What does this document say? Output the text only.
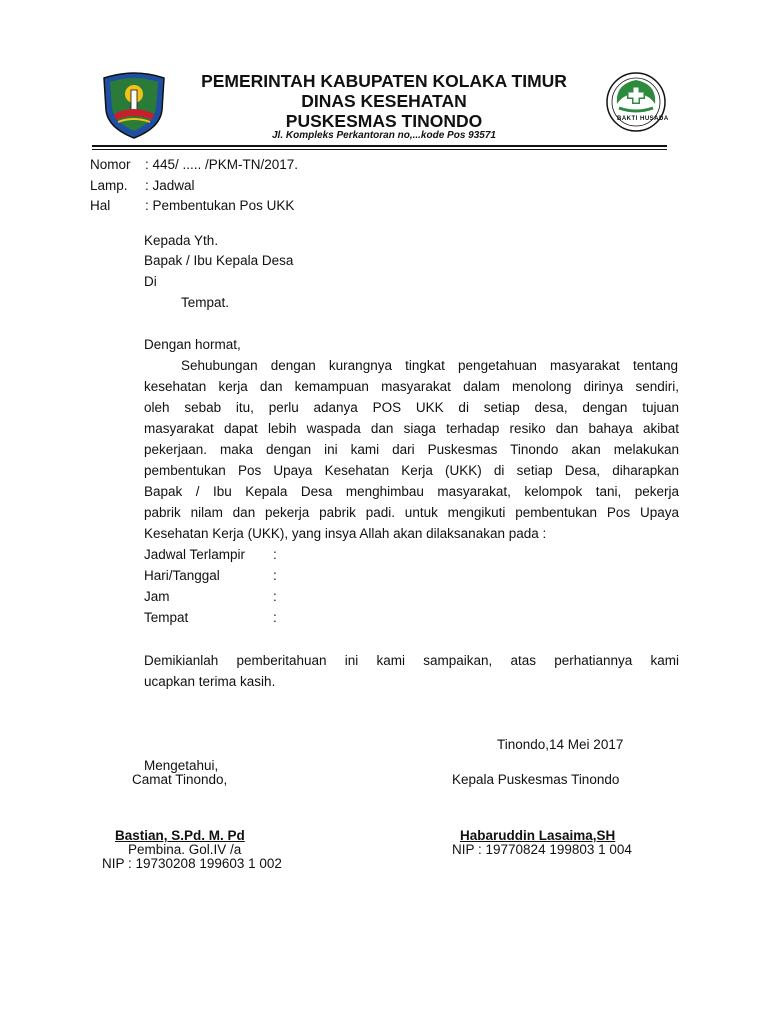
BAKTI HUSADA
PEMERINTAH KABUPATEN KOLAKA TIMUR
DINAS KESEHATAN
PUSKESMAS TINONDO
Jl. Kompleks Perkantoran no,...kode Pos 93571
Nomor : 445/ ..... /PKM-TN/2017.
Lamp. : Jadwal
Hal	: Pembentukan Pos UKK
Kepada Yth.
Bapak / Ibu Kepala Desa
Di
Tempat.
Dengan hormat,
Sehubungan dengan kurangnya tingkat pengetahuan masyarakat tentang
kesehatan kerja dan kemampuan masyarakat dalam menolong dirinya sendiri,
oleh sebab itu, perlu adanya POS UKK di setiap desa, dengan tujuan
masyarakat dapat lebih waspada dan siaga terhadap resiko dan bahaya akibat
pekerjaan. maka dengan ini kami dari Puskesmas Tinondo akan melakukan
pembentukan Pos Upaya Kesehatan Kerja (UKK) di setiap Desa, diharapkan
Bapak / Ibu Kepala Desa menghimbau masyarakat, kelompok tani, pekerja
pabrik nilam dan pekerja pabrik padi. untuk mengikuti pembentukan Pos Upaya
Kesehatan Kerja (UKK), yang insya Allah akan dilaksanakan pada :
Jadwal Terlampir :
Hari/Tanggal	:
Jam	:
Tempat	:
Demikianlah pemberitahuan ini kami sampaikan, atas perhatiannya kami
ucapkan terima kasih.
Tinondo,14 Mei 2017
Mengetahui,
Camat Tinondo,	Kepala Puskesmas Tinondo
Bastian, S.Pd. M. Pd
Pembina. Gol.IV /a
NIP : 19730208 199603 1 002
Habaruddin Lasaima,SH
NIP : 19770824 199803 1 004
